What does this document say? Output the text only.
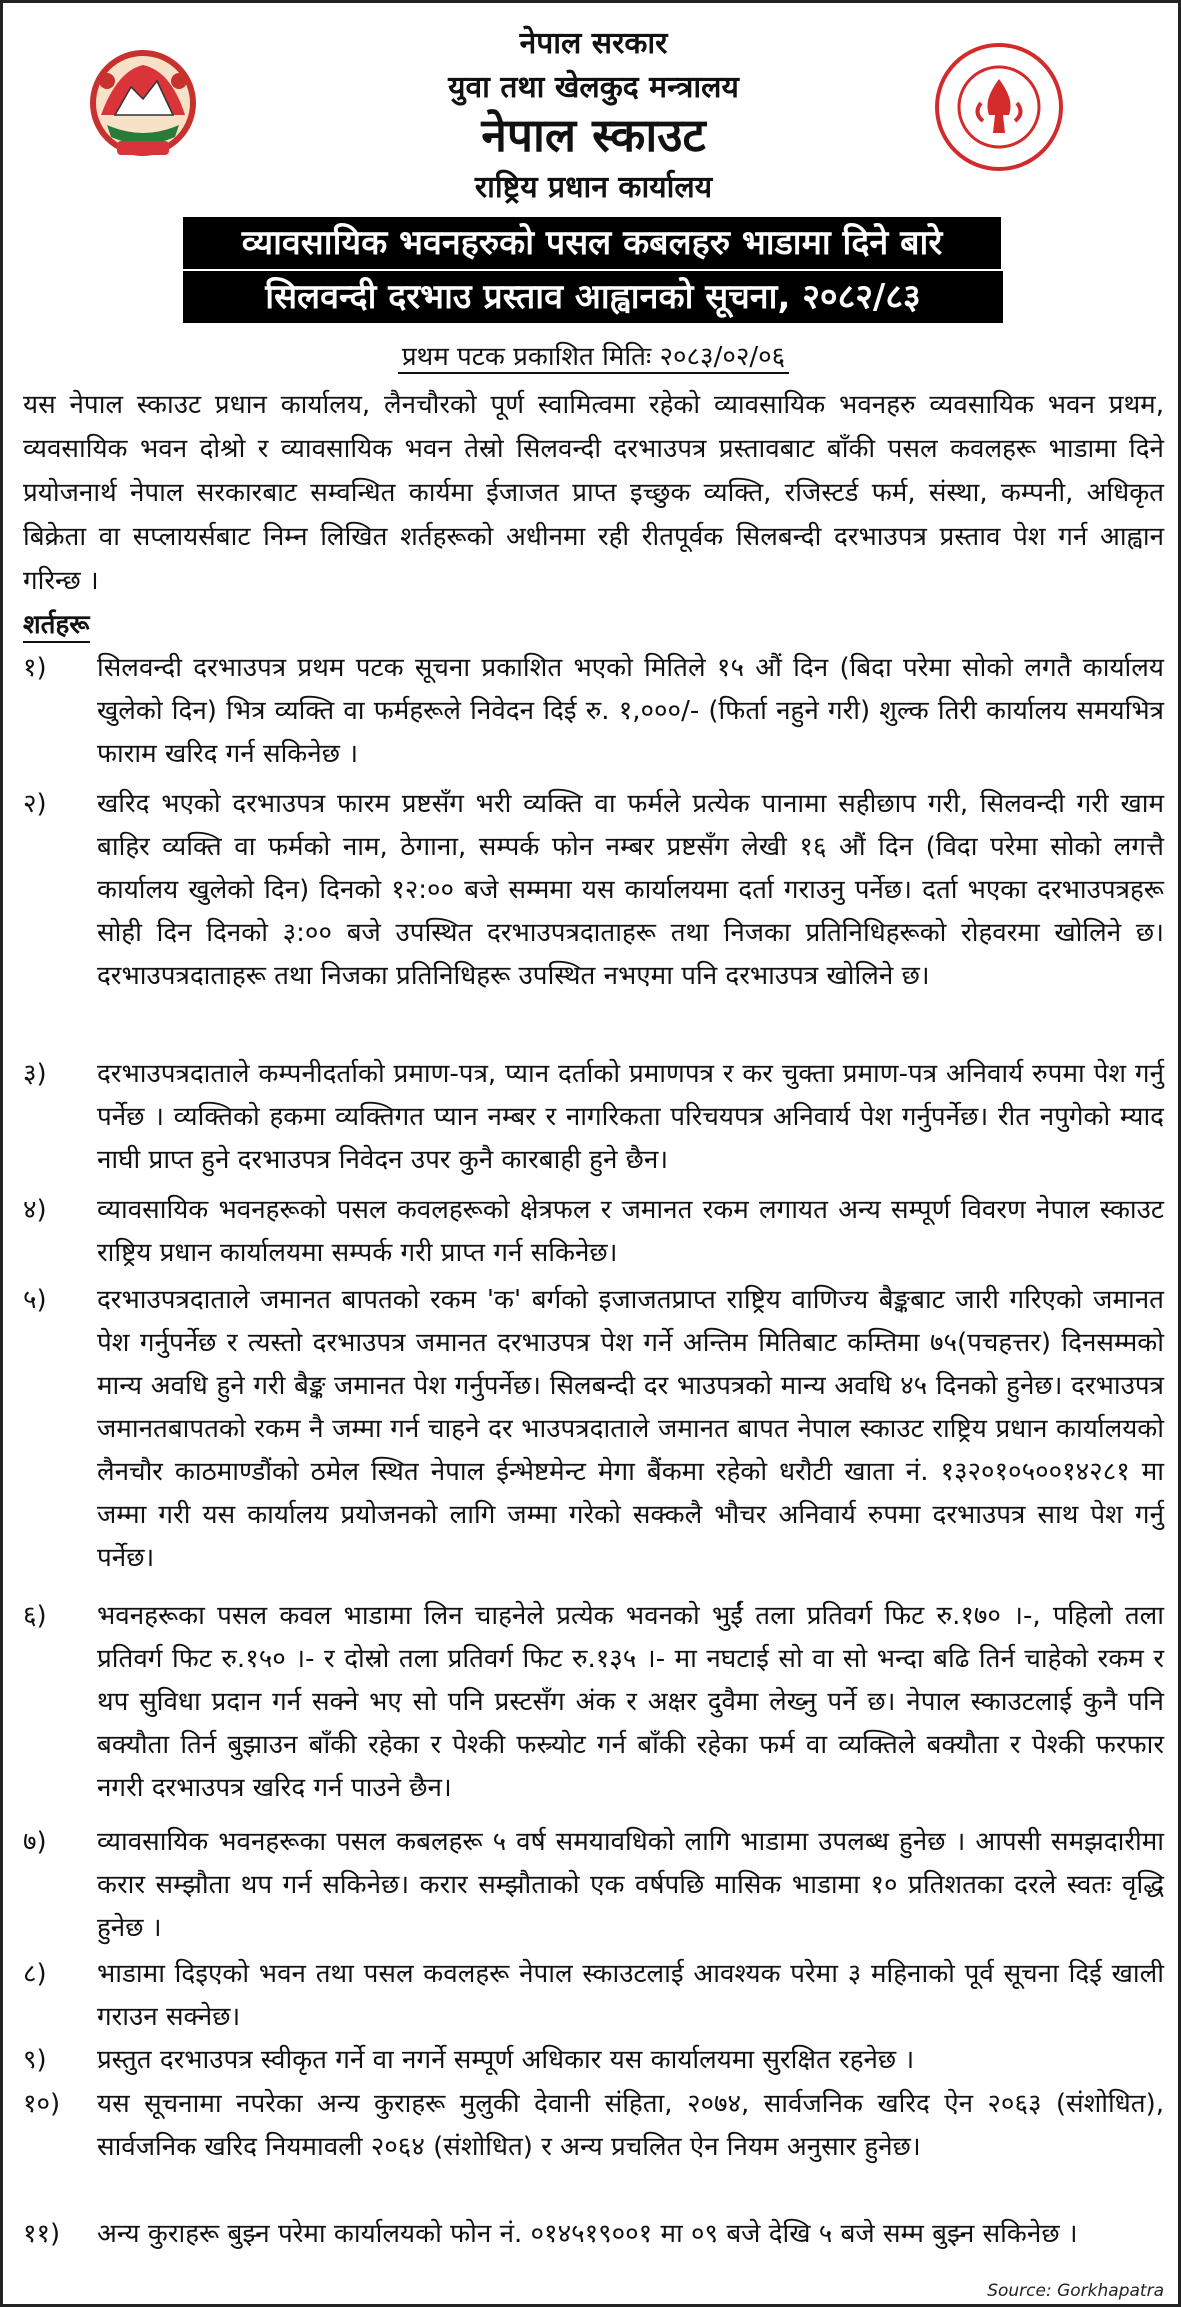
नेपाल सरकार
युवा तथा खेलकुद मन्त्रालय
नेपाल स्काउट
राष्ट्रिय प्रधान कार्यालय
व्यावसायिक भवनहरुको पसल कबलहरु भाडामा दिने बारे
सिलवन्दी दरभाउ प्रस्ताव आह्वानको सूचना, २०८२/८३
प्रथम पटक प्रकाशित मितिः २०८३/०२/०६
यस नेपाल स्काउट प्रधान कार्यालय, लैनचौरको पूर्ण स्वामित्वमा रहेको व्यावसायिक भवनहरु व्यवसायिक भवन प्रथम, व्यवसायिक भवन दोश्रो र व्यावसायिक भवन तेस्रो सिलवन्दी दरभाउपत्र प्रस्तावबाट बाँकी पसल कवलहरू भाडामा दिने प्रयोजनार्थ नेपाल सरकारबाट सम्वन्धित कार्यमा ईजाजत प्राप्त इच्छुक व्यक्ति, रजिस्टर्ड फर्म, संस्था, कम्पनी, अधिकृत बिक्रेता वा सप्लायर्सबाट निम्न लिखित शर्तहरूको अधीनमा रही रीतपूर्वक सिलबन्दी दरभाउपत्र प्रस्ताव पेश गर्न आह्वान गरिन्छ ।
शर्तहरू
१)	सिलवन्दी दरभाउपत्र प्रथम पटक सूचना प्रकाशित भएको मितिले १५ औं दिन (बिदा परेमा सोको लगतै कार्यालय खुलेको दिन) भित्र व्यक्ति वा फर्महरूले निवेदन दिई रु. १,०००/- (फिर्ता नहुने गरी) शुल्क तिरी कार्यालय समयभित्र फाराम खरिद गर्न सकिनेछ ।
२)	खरिद भएको दरभाउपत्र फारम प्रष्टसँग भरी व्यक्ति वा फर्मले प्रत्येक पानामा सहीछाप गरी, सिलवन्दी गरी खाम बाहिर व्यक्ति वा फर्मको नाम, ठेगाना, सम्पर्क फोन नम्बर प्रष्टसँग लेखी १६ औं दिन (विदा परेमा सोको लगत्तै कार्यालय खुलेको दिन) दिनको १२:०० बजे सम्ममा यस कार्यालयमा दर्ता गराउनु पर्नेछ। दर्ता भएका दरभाउपत्रहरू सोही दिन दिनको ३:०० बजे उपस्थित दरभाउपत्रदाताहरू तथा निजका प्रतिनिधिहरूको रोहवरमा खोलिने छ। दरभाउपत्रदाताहरू तथा निजका प्रतिनिधिहरू उपस्थित नभएमा पनि दरभाउपत्र खोलिने छ।
३)	दरभाउपत्रदाताले कम्पनीदर्ताको प्रमाण-पत्र, प्यान दर्ताको प्रमाणपत्र र कर चुक्ता प्रमाण-पत्र अनिवार्य रुपमा पेश गर्नु पर्नेछ । व्यक्तिको हकमा व्यक्तिगत प्यान नम्बर र नागरिकता परिचयपत्र अनिवार्य पेश गर्नुपर्नेछ। रीत नपुगेको म्याद नाघी प्राप्त हुने दरभाउपत्र निवेदन उपर कुनै कारबाही हुने छैन।
४)	व्यावसायिक भवनहरूको पसल कवलहरूको क्षेत्रफल र जमानत रकम लगायत अन्य सम्पूर्ण विवरण नेपाल स्काउट राष्ट्रिय प्रधान कार्यालयमा सम्पर्क गरी प्राप्त गर्न सकिनेछ।
५)	दरभाउपत्रदाताले जमानत बापतको रकम 'क' बर्गको इजाजतप्राप्त राष्ट्रिय वाणिज्य बैङ्कबाट जारी गरिएको जमानत पेश गर्नुपर्नेछ र त्यस्तो दरभाउपत्र जमानत दरभाउपत्र पेश गर्ने अन्तिम मितिबाट कम्तिमा ७५(पचहत्तर) दिनसम्मको मान्य अवधि हुने गरी बैङ्क जमानत पेश गर्नुपर्नेछ। सिलबन्दी दर भाउपत्रको मान्य अवधि ४५ दिनको हुनेछ। दरभाउपत्र जमानतबापतको रकम नै जम्मा गर्न चाहने दर भाउपत्रदाताले जमानत बापत नेपाल स्काउट राष्ट्रिय प्रधान कार्यालयको लैनचौर काठमाण्डौंको ठमेल स्थित नेपाल ईन्भेष्टमेन्ट मेगा बैंकमा रहेको धरौटी खाता नं. १३२०१०५००१४२८१ मा जम्मा गरी यस कार्यालय प्रयोजनको लागि जम्मा गरेको सक्कलै भौचर अनिवार्य रुपमा दरभाउपत्र साथ पेश गर्नु पर्नेछ।
६)	भवनहरूका पसल कवल भाडामा लिन चाहनेले प्रत्येक भवनको भुईं तला प्रतिवर्ग फिट रु.१७० ।-, पहिलो तला प्रतिवर्ग फिट रु.१५० ।- र दोस्रो तला प्रतिवर्ग फिट रु.१३५ ।- मा नघटाई सो वा सो भन्दा बढि तिर्न चाहेको रकम र थप सुविधा प्रदान गर्न सक्ने भए सो पनि प्रस्टसँग अंक र अक्षर दुवैमा लेख्नु पर्ने छ। नेपाल स्काउटलाई कुनै पनि बक्यौता तिर्न बुझाउन बाँकी रहेका र पेश्की फस्र्योट गर्न बाँकी रहेका फर्म वा व्यक्तिले बक्यौता र पेश्की फरफार नगरी दरभाउपत्र खरिद गर्न पाउने छैन।
७)	व्यावसायिक भवनहरूका पसल कबलहरू ५ वर्ष समयावधिको लागि भाडामा उपलब्ध हुनेछ । आपसी समझदारीमा करार सम्झौता थप गर्न सकिनेछ। करार सम्झौताको एक वर्षपछि मासिक भाडामा १० प्रतिशतका दरले स्वतः वृद्धि हुनेछ ।
८)	भाडामा दिइएको भवन तथा पसल कवलहरू नेपाल स्काउटलाई आवश्यक परेमा ३ महिनाको पूर्व सूचना दिई खाली गराउन सक्नेछ।
९)	प्रस्तुत दरभाउपत्र स्वीकृत गर्ने वा नगर्ने सम्पूर्ण अधिकार यस कार्यालयमा सुरक्षित रहनेछ ।
१०)	यस सूचनामा नपरेका अन्य कुराहरू मुलुकी देवानी संहिता, २०७४, सार्वजनिक खरिद ऐन २०६३ (संशोधित), सार्वजनिक खरिद नियमावली २०६४ (संशोधित) र अन्य प्रचलित ऐन नियम अनुसार हुनेछ।
११)	अन्य कुराहरू बुझ्न परेमा कार्यालयको फोन नं. ०१४५१९००१ मा ०९ बजे देखि ५ बजे सम्म बुझ्न सकिनेछ ।
Source: Gorkhapatra
